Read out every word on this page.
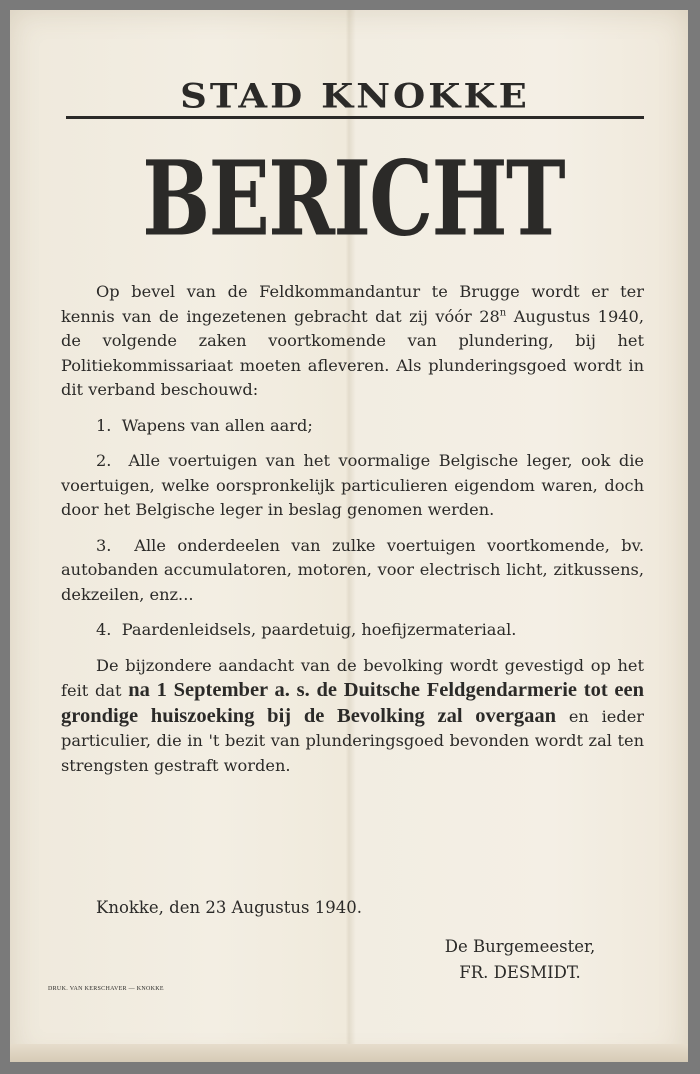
STAD KNOKKE
BERICHT

Op bevel van de Feldkommandantur te Brugge wordt er ter kennis van de ingezetenen gebracht dat zij vóór 28$^n$ Augustus 1940, de volgende zaken voortkomende van plundering, bij het Politiekommissariaat moeten afleveren. Als plunderingsgoed wordt in dit verband beschouwd:

1. Wapens van allen aard;

2. Alle voertuigen van het voormalige Belgische leger, ook die voertuigen, welke oorspronkelijk particulieren eigendom waren, doch door het Belgische leger in beslag genomen werden.

3. Alle onderdeelen van zulke voertuigen voortkomende, bv. autobanden accumulatoren, motoren, voor electrisch licht, zitkussens, dekzeilen, enz...

4. Paardenleidsels, paardetuig, hoefijzermateriaal.

De bijzondere aandacht van de bevolking wordt gevestigd op het feit dat na 1 September a. s. de Duitsche Feldgendarmerie tot een grondige huiszoeking bij de Bevolking zal overgaan en ieder particulier, die in 't bezit van plunderingsgoed bevonden wordt zal ten strengsten gestraft worden.

Knokke, den 23 Augustus 1940.
De Burgemeester,
FR. DESMIDT.
DRUK. VAN KERSCHAVER — KNOKKE
